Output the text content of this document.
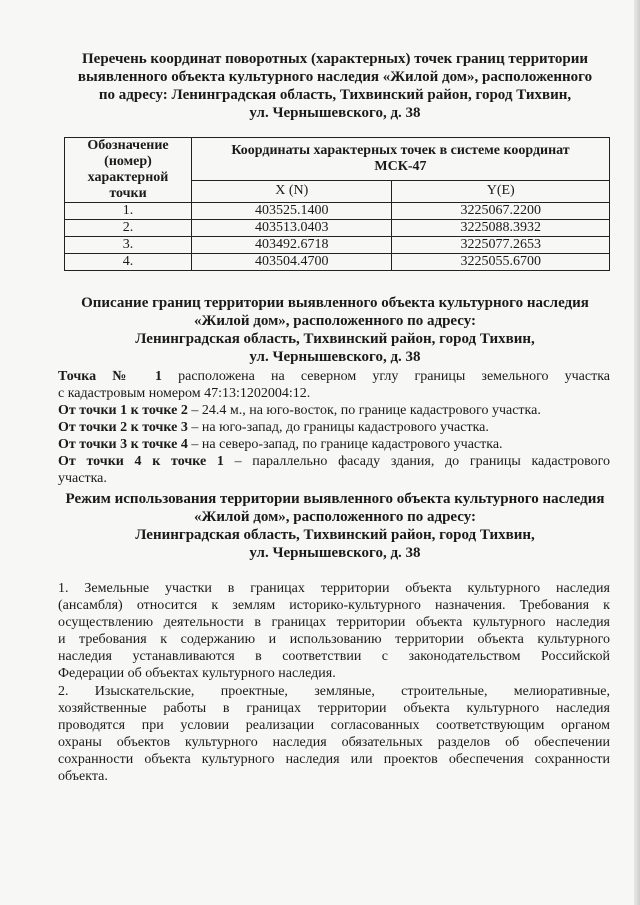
Перечень координат поворотных (характерных) точек границ территории
выявленного объекта культурного наследия «Жилой дом», расположенного
по адресу: Ленинградская область, Тихвинский район, город Тихвин,
ул. Чернышевского, д. 38
Обозначение
(номер)
характерной
точки	Координаты характерных точек в системе координат
МСК-47	

	X (N)	Y(E)
1.	403525.1400	3225067.2200
2.	403513.0403	3225088.3932
3.	403492.6718	3225077.2653
4.	403504.4700	3225055.6700
Описание границ территории выявленного объекта культурного наследия
«Жилой дом», расположенного по адресу:
Ленинградская область, Тихвинский район, город Тихвин,
ул. Чернышевского, д. 38

Точка № 1 расположена на северном углу границы земельного участка
с кадастровым номером 47:13:1202004:12.

От точки 1 к точке 2 – 24.4 м., на юго-восток, по границе кадастрового участка.

От точки 2 к точке 3 – на юго-запад, до границы кадастрового участка.

От точки 3 к точке 4 – на северо-запад, по границе кадастрового участка.

От точки 4 к точке 1 – параллельно фасаду здания, до границы кадастрового
участка.

Режим использования территории выявленного объекта культурного наследия
«Жилой дом», расположенного по адресу:
Ленинградская область, Тихвинский район, город Тихвин,
ул. Чернышевского, д. 38
1. Земельные участки в границах территории объекта культурного наследия
(ансамбля) относится к землям историко-культурного назначения. Требования к
осуществлению деятельности в границах территории объекта культурного наследия
и требования к содержанию и использованию территории объекта культурного
наследия устанавливаются в соответствии с законодательством Российской
Федерации об объектах культурного наследия.
2. Изыскательские, проектные, земляные, строительные, мелиоративные,
хозяйственные работы в границах территории объекта культурного наследия
проводятся при условии реализации согласованных соответствующим органом
охраны объектов культурного наследия обязательных разделов об обеспечении
сохранности объекта культурного наследия или проектов обеспечения сохранности
объекта.
